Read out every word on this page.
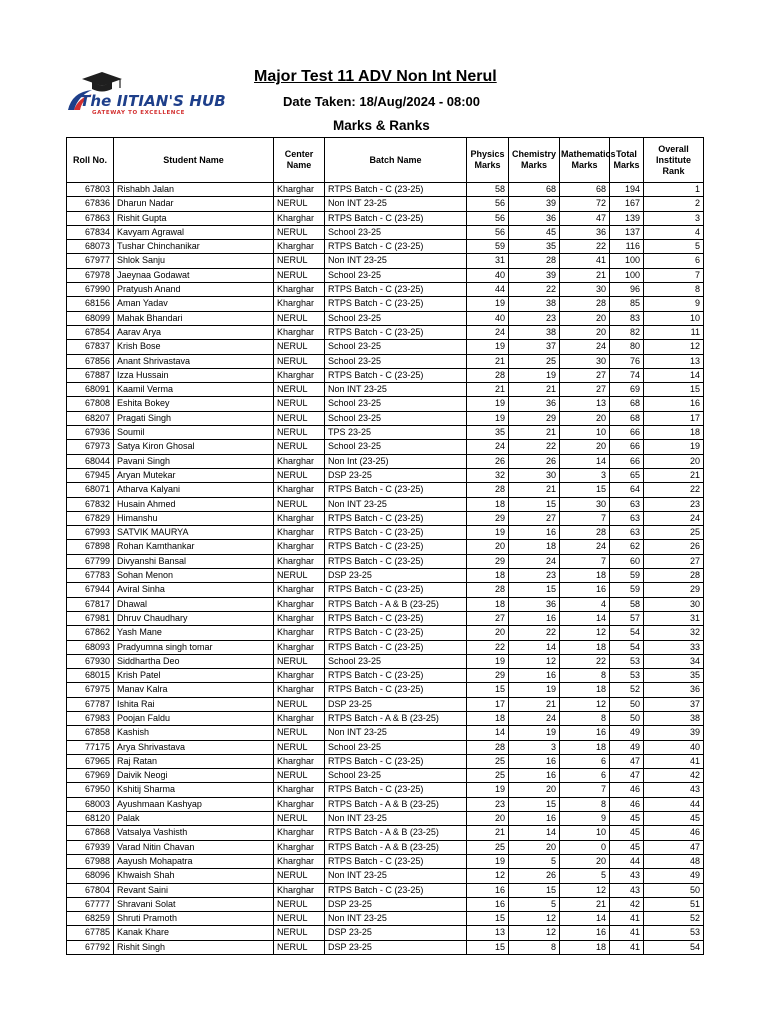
The IITIAN'S HUB
GATEWAY TO EXCELLENCE
Major Test 11 ADV Non Int Nerul
Date Taken: 18/Aug/2024 - 08:00
Marks & Ranks
Roll No.	Student Name	Center Name	Batch Name	Physics Marks	Chemistry Marks	Mathematics Marks	Total Marks	Overall Institute Rank
67803	Rishabh Jalan	Kharghar	RTPS Batch - C (23-25)	58	68	68	194	1
67836	Dharun Nadar	NERUL	Non INT 23-25	56	39	72	167	2
67863	Rishit Gupta	Kharghar	RTPS Batch - C (23-25)	56	36	47	139	3
67834	Kavyam Agrawal	NERUL	School 23-25	56	45	36	137	4
68073	Tushar Chinchanikar	Kharghar	RTPS Batch - C (23-25)	59	35	22	116	5
67977	Shlok Sanju	NERUL	Non INT 23-25	31	28	41	100	6
67978	Jaeynaa Godawat	NERUL	School 23-25	40	39	21	100	7
67990	Pratyush Anand	Kharghar	RTPS Batch - C (23-25)	44	22	30	96	8
68156	Aman Yadav	Kharghar	RTPS Batch - C (23-25)	19	38	28	85	9
68099	Mahak Bhandari	NERUL	School 23-25	40	23	20	83	10
67854	Aarav Arya	Kharghar	RTPS Batch - C (23-25)	24	38	20	82	11
67837	Krish Bose	NERUL	School 23-25	19	37	24	80	12
67856	Anant Shrivastava	NERUL	School 23-25	21	25	30	76	13
67887	Izza Hussain	Kharghar	RTPS Batch - C (23-25)	28	19	27	74	14
68091	Kaamil Verma	NERUL	Non INT 23-25	21	21	27	69	15
67808	Eshita Bokey	NERUL	School 23-25	19	36	13	68	16
68207	Pragati Singh	NERUL	School 23-25	19	29	20	68	17
67936	Soumil	NERUL	TPS 23-25	35	21	10	66	18
67973	Satya Kiron Ghosal	NERUL	School 23-25	24	22	20	66	19
68044	Pavani Singh	Kharghar	Non Int (23-25)	26	26	14	66	20
67945	Aryan Mutekar	NERUL	DSP 23-25	32	30	3	65	21
68071	Atharva Kalyani	Kharghar	RTPS Batch - C (23-25)	28	21	15	64	22
67832	Husain Ahmed	NERUL	Non INT 23-25	18	15	30	63	23
67829	Himanshu	Kharghar	RTPS Batch - C (23-25)	29	27	7	63	24
67993	SATVIK MAURYA	Kharghar	RTPS Batch - C (23-25)	19	16	28	63	25
67898	Rohan Kamthankar	Kharghar	RTPS Batch - C (23-25)	20	18	24	62	26
67799	Divyanshi Bansal	Kharghar	RTPS Batch - C (23-25)	29	24	7	60	27
67783	Sohan Menon	NERUL	DSP 23-25	18	23	18	59	28
67944	Aviral Sinha	Kharghar	RTPS Batch - C (23-25)	28	15	16	59	29
67817	Dhawal	Kharghar	RTPS Batch - A & B (23-25)	18	36	4	58	30
67981	Dhruv Chaudhary	Kharghar	RTPS Batch - C (23-25)	27	16	14	57	31
67862	Yash Mane	Kharghar	RTPS Batch - C (23-25)	20	22	12	54	32
68093	Pradyumna singh tomar	Kharghar	RTPS Batch - C (23-25)	22	14	18	54	33
67930	Siddhartha Deo	NERUL	School 23-25	19	12	22	53	34
68015	Krish Patel	Kharghar	RTPS Batch - C (23-25)	29	16	8	53	35
67975	Manav Kalra	Kharghar	RTPS Batch - C (23-25)	15	19	18	52	36
67787	Ishita Rai	NERUL	DSP 23-25	17	21	12	50	37
67983	Poojan Faldu	Kharghar	RTPS Batch - A & B (23-25)	18	24	8	50	38
67858	Kashish	NERUL	Non INT 23-25	14	19	16	49	39
77175	Arya Shrivastava	NERUL	School 23-25	28	3	18	49	40
67965	Raj Ratan	Kharghar	RTPS Batch - C (23-25)	25	16	6	47	41
67969	Daivik Neogi	NERUL	School 23-25	25	16	6	47	42
67950	Kshitij Sharma	Kharghar	RTPS Batch - C (23-25)	19	20	7	46	43
68003	Ayushmaan Kashyap	Kharghar	RTPS Batch - A & B (23-25)	23	15	8	46	44
68120	Palak	NERUL	Non INT 23-25	20	16	9	45	45
67868	Vatsalya Vashisth	Kharghar	RTPS Batch - A & B (23-25)	21	14	10	45	46
67939	Varad Nitin Chavan	Kharghar	RTPS Batch - A & B (23-25)	25	20	0	45	47
67988	Aayush Mohapatra	Kharghar	RTPS Batch - C (23-25)	19	5	20	44	48
68096	Khwaish Shah	NERUL	Non INT 23-25	12	26	5	43	49
67804	Revant Saini	Kharghar	RTPS Batch - C (23-25)	16	15	12	43	50
67777	Shravani Solat	NERUL	DSP 23-25	16	5	21	42	51
68259	Shruti Pramoth	NERUL	Non INT 23-25	15	12	14	41	52
67785	Kanak Khare	NERUL	DSP 23-25	13	12	16	41	53
67792	Rishit Singh	NERUL	DSP 23-25	15	8	18	41	54
